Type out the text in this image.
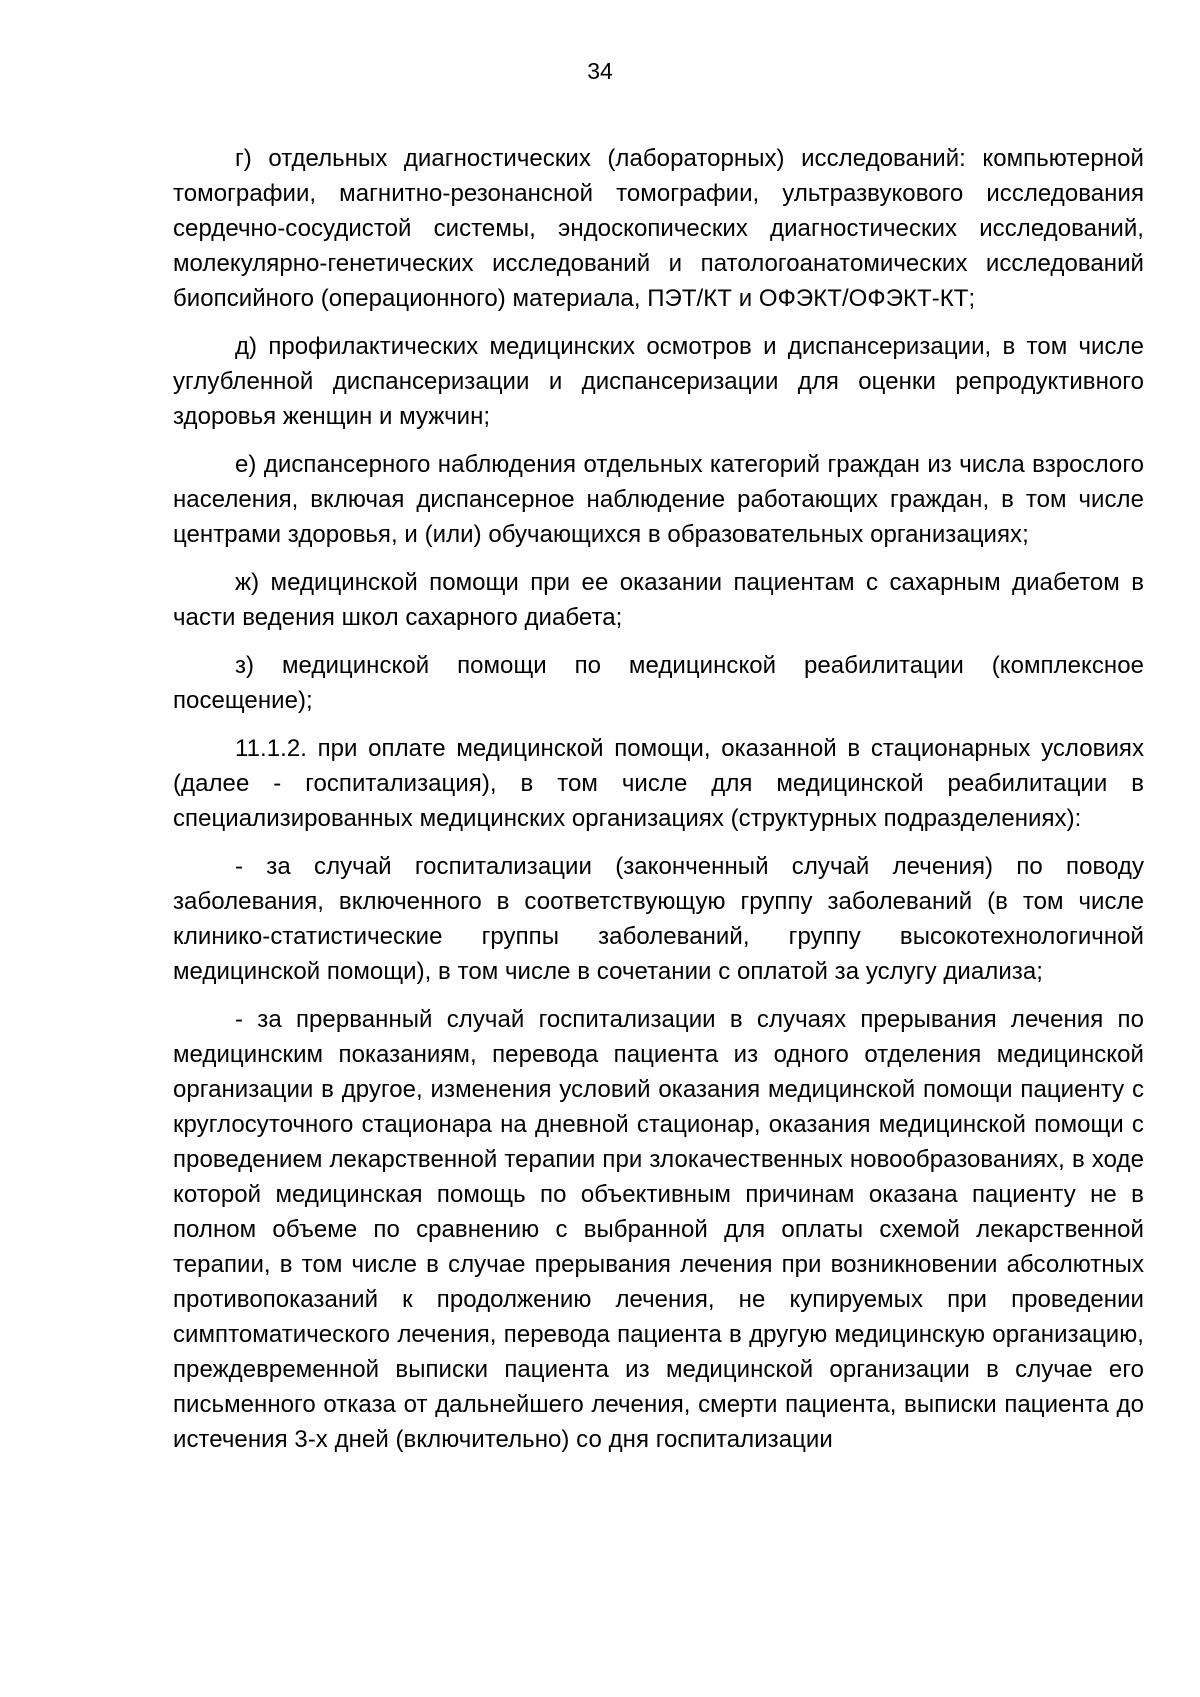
34

г) отдельных диагностических (лабораторных) исследований: компьютерной томографии, магнитно-резонансной томографии, ультразвукового исследования сердечно-сосудистой системы, эндоскопических диагностических исследований, молекулярно-генетических исследований и патологоанатомических исследований биопсийного (операционного) материала, ПЭТ/КТ и ОФЭКТ/ОФЭКТ-КТ;

д) профилактических медицинских осмотров и диспансеризации, в том числе углубленной диспансеризации и диспансеризации для оценки репродуктивного здоровья женщин и мужчин;

е) диспансерного наблюдения отдельных категорий граждан из числа взрослого населения, включая диспансерное наблюдение работающих граждан, в том числе центрами здоровья, и (или) обучающихся в образовательных организациях;

ж) медицинской помощи при ее оказании пациентам с сахарным диабетом в части ведения школ сахарного диабета;

з) медицинской помощи по медицинской реабилитации (комплексное посещение);

11.1.2. при оплате медицинской помощи, оказанной в стационарных условиях (далее - госпитализация), в том числе для медицинской реабилитации в специализированных медицинских организациях (структурных подразделениях):

- за случай госпитализации (законченный случай лечения) по поводу заболевания, включенного в соответствующую группу заболеваний (в том числе клинико-статистические группы заболеваний, группу высокотехнологичной медицинской помощи), в том числе в сочетании с оплатой за услугу диализа;

- за прерванный случай госпитализации в случаях прерывания лечения по медицинским показаниям, перевода пациента из одного отделения медицинской организации в другое, изменения условий оказания медицинской помощи пациенту с круглосуточного стационара на дневной стационар, оказания медицинской помощи с проведением лекарственной терапии при злокачественных новообразованиях, в ходе которой медицинская помощь по объективным причинам оказана пациенту не в полном объеме по сравнению с выбранной для оплаты схемой лекарственной терапии, в том числе в случае прерывания лечения при возникновении абсолютных противопоказаний к продолжению лечения, не купируемых при проведении симптоматического лечения, перевода пациента в другую медицинскую организацию, преждевременной выписки пациента из медицинской организации в случае его письменного отказа от дальнейшего лечения, смерти пациента, выписки пациента до истечения 3-х дней (включительно) со дня госпитализации
